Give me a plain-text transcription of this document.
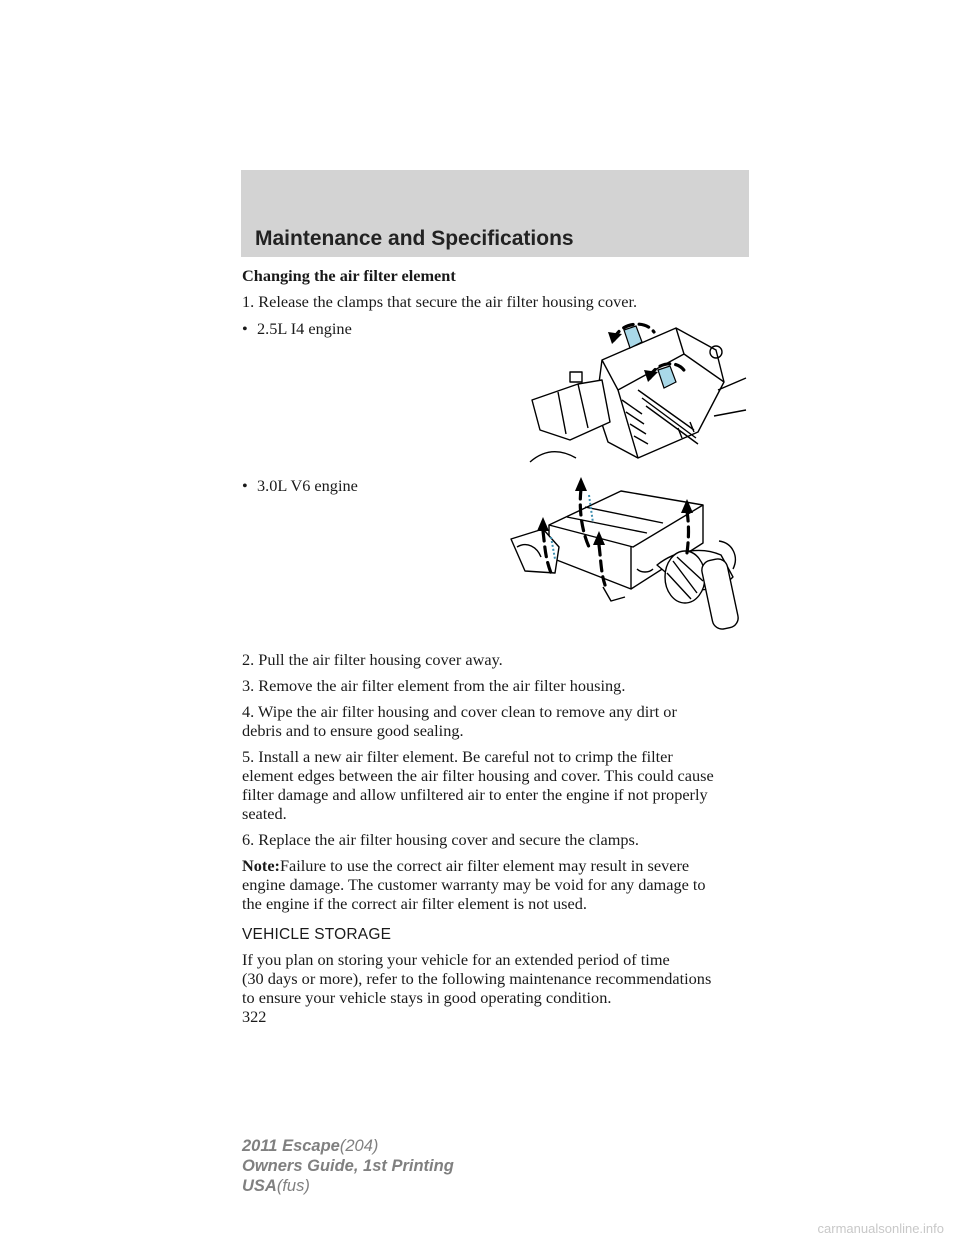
Maintenance and Specifications

Changing the air filter element

1. Release the clamps that secure the air filter housing cover.

• 2.5L I4 engine
• 3.0L V6 engine

2. Pull the air filter housing cover away.

3. Remove the air filter element from the air filter housing.

4. Wipe the air filter housing and cover clean to remove any dirt or
debris and to ensure good sealing.

5. Install a new air filter element. Be careful not to crimp the filter
element edges between the air filter housing and cover. This could cause
filter damage and allow unfiltered air to enter the engine if not properly
seated.

6. Replace the air filter housing cover and secure the clamps.

Note:Failure to use the correct air filter element may result in severe
engine damage. The customer warranty may be void for any damage to
the engine if the correct air filter element is not used.

VEHICLE STORAGE

If you plan on storing your vehicle for an extended period of time
(30 days or more), refer to the following maintenance recommendations
to ensure your vehicle stays in good operating condition.

322

2011 Escape(204)
Owners Guide, 1st Printing
USA(fus)
carmanualsonline.info
